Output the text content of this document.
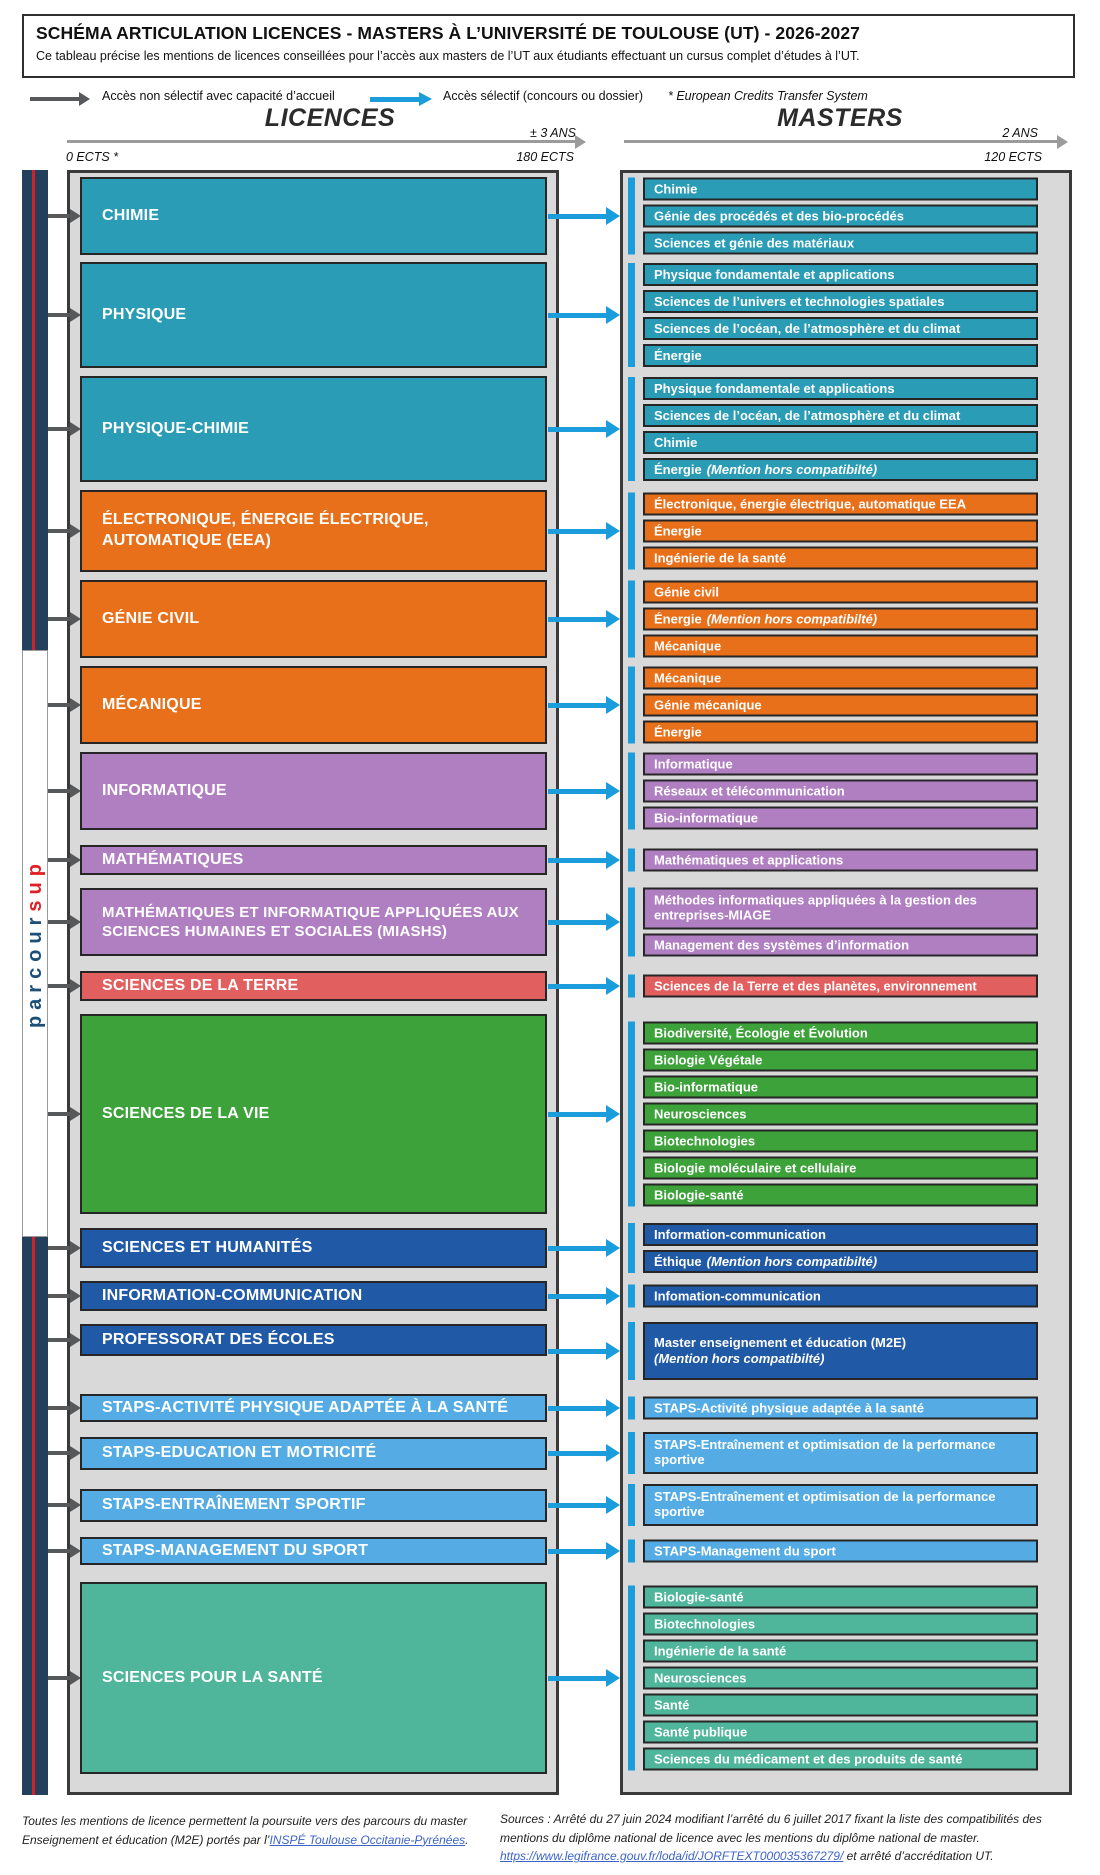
SCHÉMA ARTICULATION LICENCES - MASTERS À L’UNIVERSITÉ DE TOULOUSE (UT) - 2026-2027
Ce tableau précise les mentions de licences conseillées pour l’accès aux masters de l’UT aux étudiants effectuant un cursus complet d’études à l’UT.
Accès non sélectif avec capacité d’accueil	Accès sélectif (concours ou dossier) * European Credits Transfer System
LICENCES
± 3 ANS
0 ECTS *	180 ECTS
MASTERS
2 ANS
120 ECTS
parcoursup
CHIMIE
Chimie
Génie des procédés et des bio-procédés
Sciences et génie des matériaux
PHYSIQUE
Physique fondamentale et applications
Sciences de l’univers et technologies spatiales
Sciences de l’océan, de l’atmosphère et du climat
Énergie
PHYSIQUE-CHIMIE
Physique fondamentale et applications
Sciences de l’océan, de l’atmosphère et du climat
Chimie
Énergie (Mention hors compatibilté)
ÉLECTRONIQUE, ÉNERGIE ÉLECTRIQUE, AUTOMATIQUE (EEA)
Électronique, énergie électrique, automatique EEA
Énergie
Ingénierie de la santé
GÉNIE CIVIL
Génie civil
Énergie (Mention hors compatibilté)
Mécanique
MÉCANIQUE
Mécanique
Génie mécanique
Énergie
INFORMATIQUE
Informatique
Réseaux et télécommunication
Bio-informatique
MATHÉMATIQUES	Mathématiques et applications
MATHÉMATIQUES ET INFORMATIQUE APPLIQUÉES AUX SCIENCES HUMAINES ET SOCIALES (MIASHS)
Méthodes informatiques appliquées à la gestion des entreprises-MIAGE
Management des systèmes d’information
SCIENCES DE LA TERRE	Sciences de la Terre et des planètes, environnement
SCIENCES DE LA VIE
Biodiversité, Écologie et Évolution
Biologie Végétale
Bio-informatique
Neurosciences
Biotechnologies
Biologie moléculaire et cellulaire
Biologie-santé
SCIENCES ET HUMANITÉS
Information-communication
Éthique (Mention hors compatibilté)
INFORMATION-COMMUNICATION	Infomation-communication
PROFESSORAT DES ÉCOLES	Master enseignement et éducation (M2E)
(Mention hors compatibilté)
STAPS-ACTIVITÉ PHYSIQUE ADAPTÉE À LA SANTÉ	STAPS-Activité physique adaptée à la santé
STAPS-EDUCATION ET MOTRICITÉ	STAPS-Entraînement et optimisation de la performance sportive
STAPS-ENTRAÎNEMENT SPORTIF	STAPS-Entraînement et optimisation de la performance sportive
STAPS-MANAGEMENT DU SPORT	STAPS-Management du sport
SCIENCES POUR LA SANTÉ
Biologie-santé
Biotechnologies
Ingénierie de la santé
Neurosciences
Santé
Santé publique
Sciences du médicament et des produits de santé
Toutes les mentions de licence permettent la poursuite vers des parcours du master Enseignement et éducation (M2E) portés par l’INSPÉ Toulouse Occitanie-Pyrénées.
Sources : Arrêté du 27 juin 2024 modifiant l’arrêté du 6 juillet 2017 fixant la liste des compatibilités des mentions du diplôme national de licence avec les mentions du diplôme national de master. https://www.legifrance.gouv.fr/loda/id/JORFTEXT000035367279/ et arrêté d’accréditation UT.
